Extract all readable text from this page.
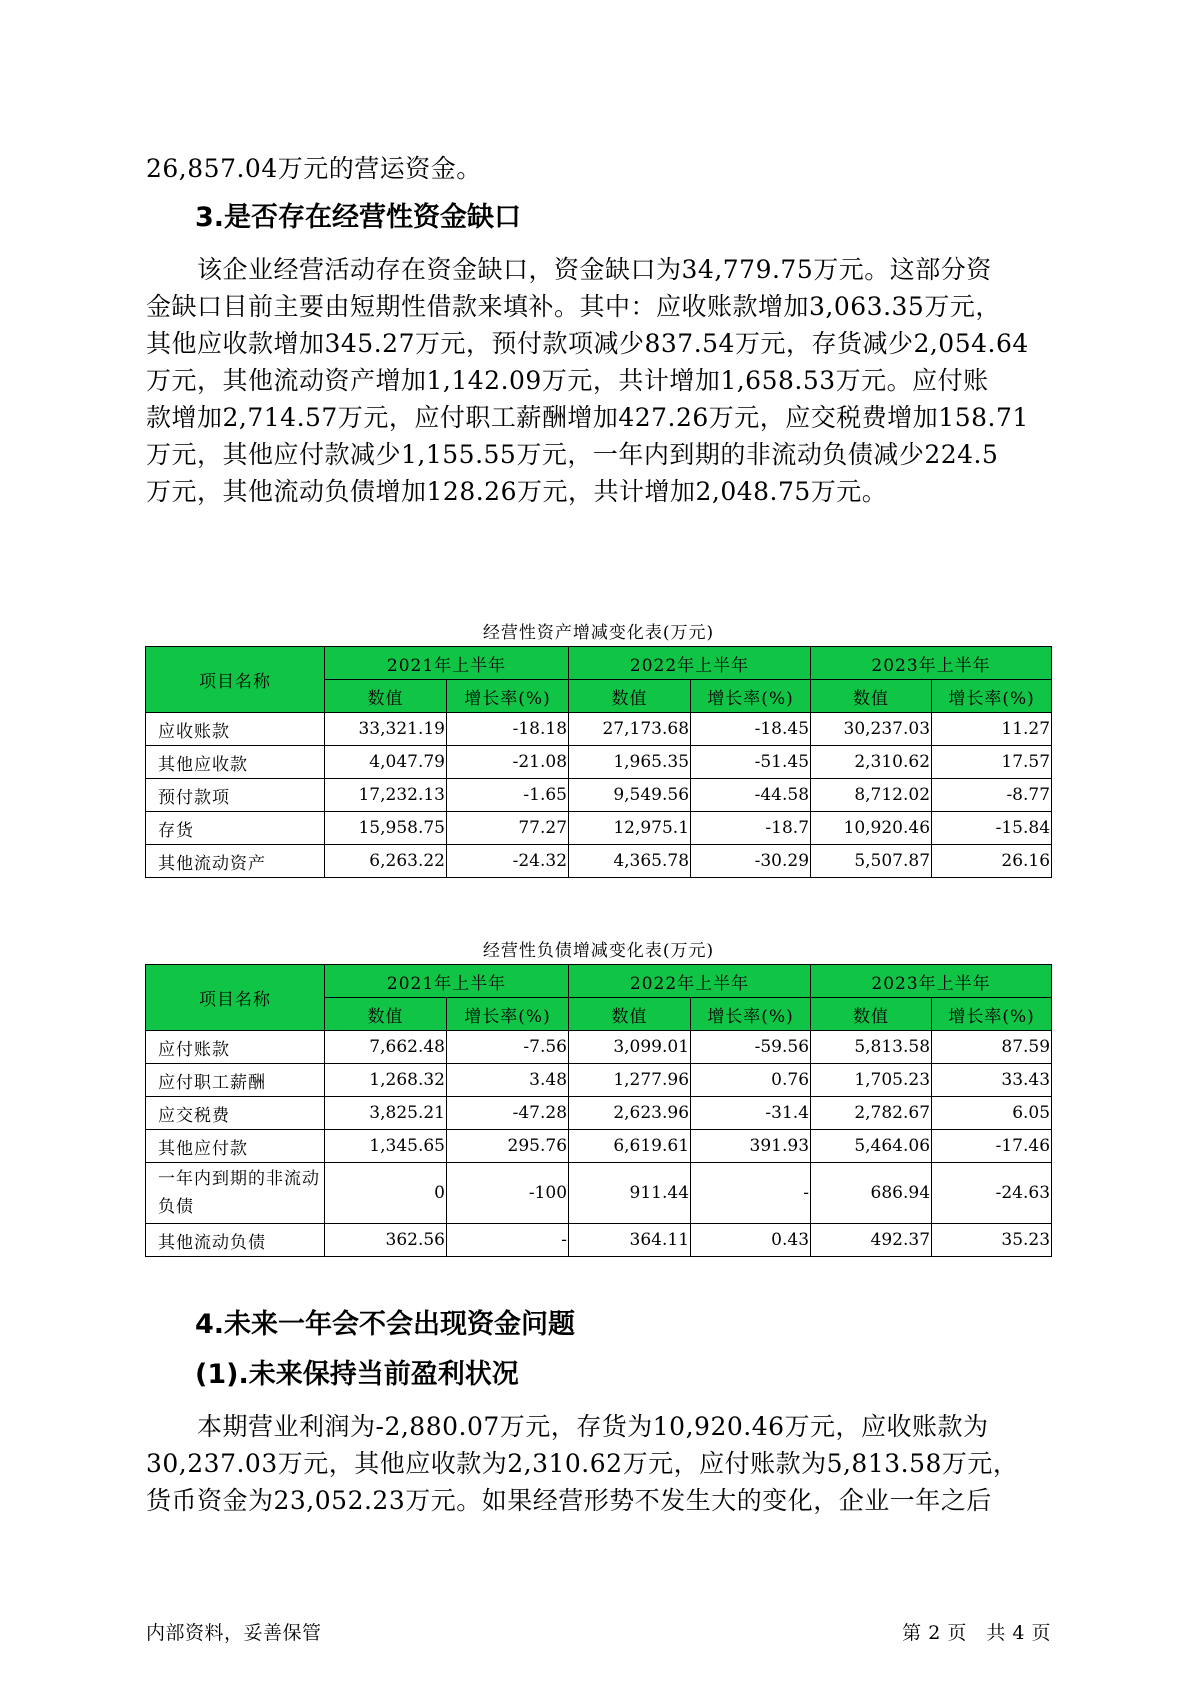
26,857.04万元的营运资金。

3.是否存在经营性资金缺口

　　该企业经营活动存在资金缺口，资金缺口为34,779.75万元。这部分资
金缺口目前主要由短期性借款来填补。其中：应收账款增加3,063.35万元，
其他应收款增加345.27万元，预付款项减少837.54万元，存货减少2,054.64
万元，其他流动资产增加1,142.09万元，共计增加1,658.53万元。应付账
款增加2,714.57万元，应付职工薪酬增加427.26万元，应交税费增加158.71
万元，其他应付款减少1,155.55万元，一年内到期的非流动负债减少224.5
万元，其他流动负债增加128.26万元，共计增加2,048.75万元。

经营性资产增减变化表(万元)
项目名称	2021年上半年		2022年上半年		2023年上半年	
	数值	增长率(%)	数值	增长率(%)	数值	增长率(%)
应收账款	33,321.19	-18.18	27,173.68	-18.45	30,237.03	11.27
其他应收款	4,047.79	-21.08	1,965.35	-51.45	2,310.62	17.57
预付款项	17,232.13	-1.65	9,549.56	-44.58	8,712.02	-8.77
存货	15,958.75	77.27	12,975.1	-18.7	10,920.46	-15.84
其他流动资产	6,263.22	-24.32	4,365.78	-30.29	5,507.87	26.16
经营性负债增减变化表(万元)
项目名称	2021年上半年		2022年上半年		2023年上半年	
	数值	增长率(%)	数值	增长率(%)	数值	增长率(%)
应付账款	7,662.48	-7.56	3,099.01	-59.56	5,813.58	87.59
应付职工薪酬	1,268.32	3.48	1,277.96	0.76	1,705.23	33.43
应交税费	3,825.21	-47.28	2,623.96	-31.4	2,782.67	6.05
其他应付款	1,345.65	295.76	6,619.61	391.93	5,464.06	-17.46
一年内到期的非流动负债	0	-100	911.44	-	686.94	-24.63
其他流动负债	362.56	-	364.11	0.43	492.37	35.23
4.未来一年会不会出现资金问题
(1).未来保持当前盈利状况

　　本期营业利润为-2,880.07万元，存货为10,920.46万元，应收账款为
30,237.03万元，其他应收款为2,310.62万元，应付账款为5,813.58万元，
货币资金为23,052.23万元。如果经营形势不发生大的变化，企业一年之后

内部资料，妥善保管	第 2 页　共 4 页
